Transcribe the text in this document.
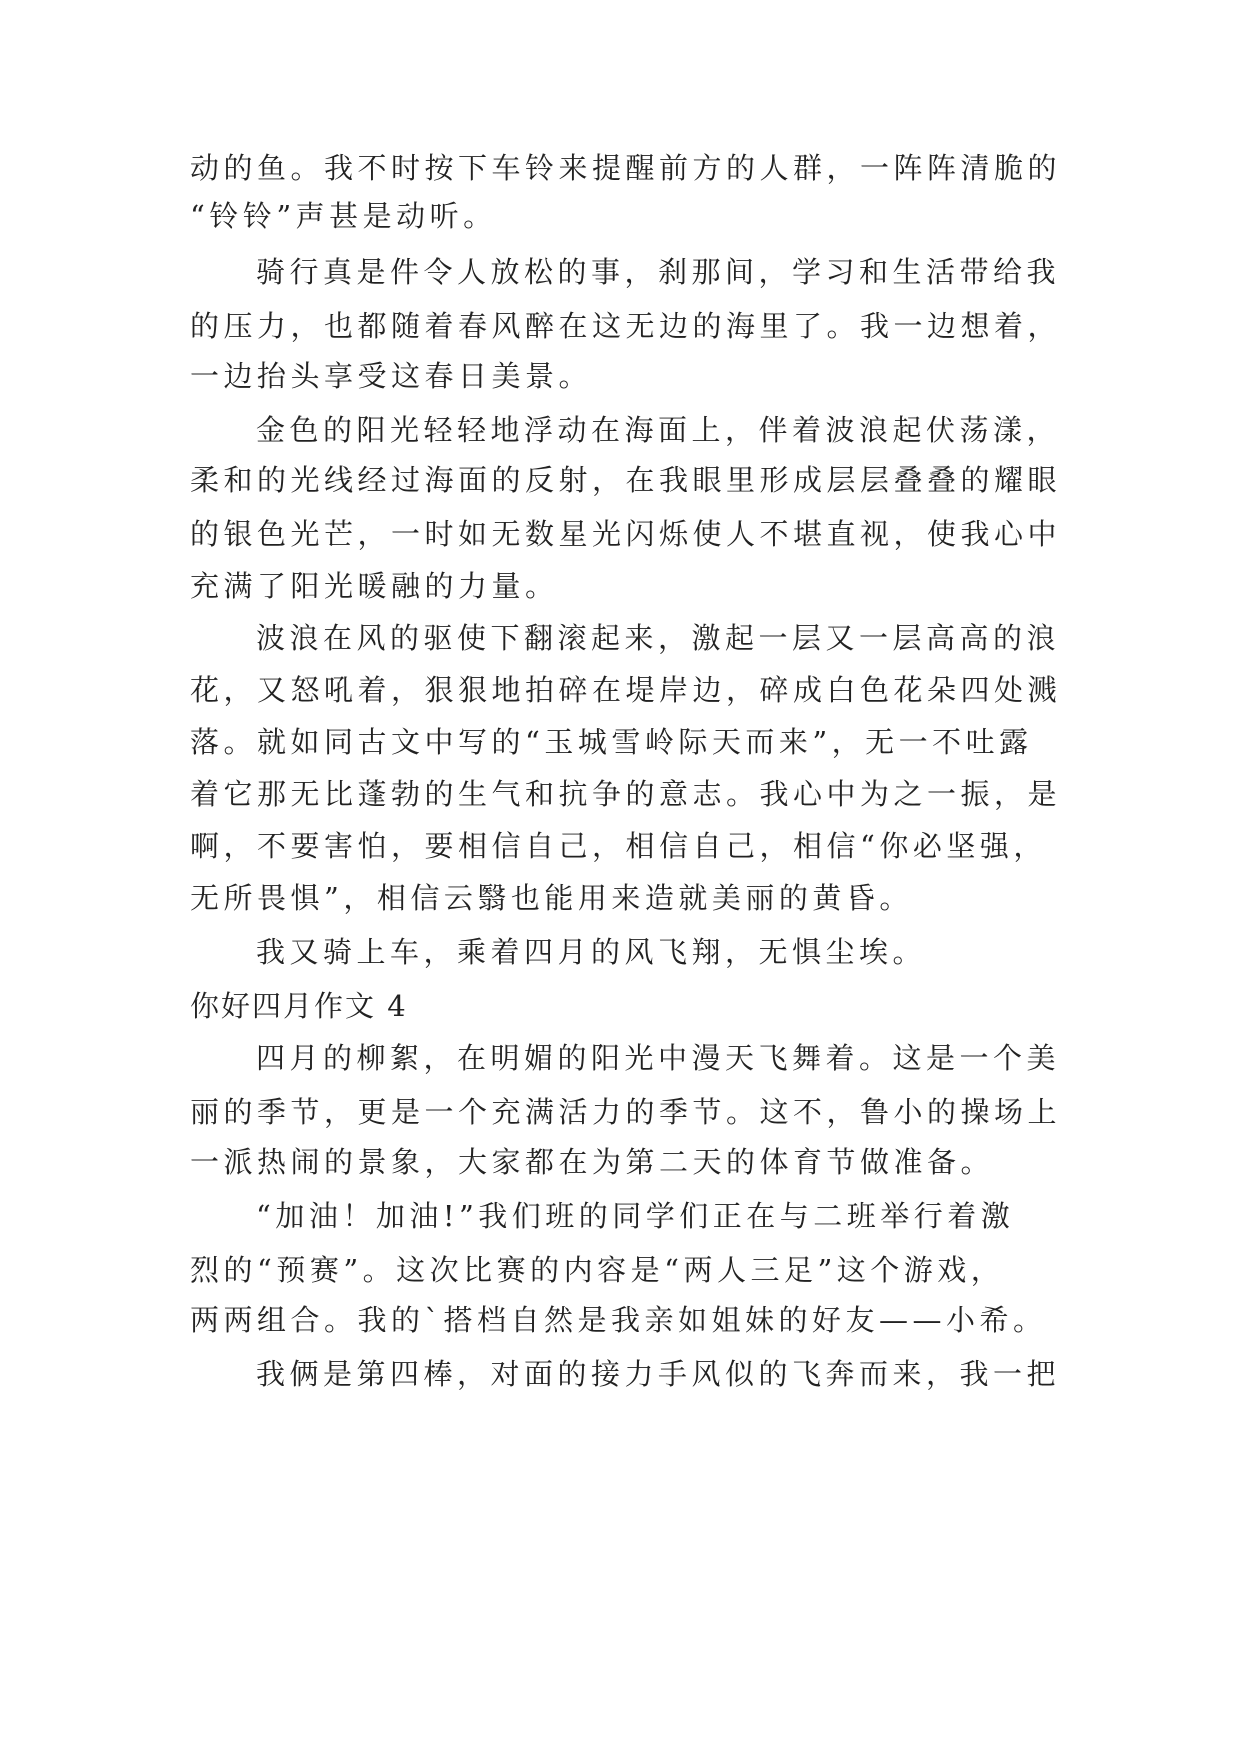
动的鱼。我不时按下车铃来提醒前方的人群，一阵阵清脆的
“铃铃”声甚是动听。
骑行真是件令人放松的事，刹那间，学习和生活带给我
的压力，也都随着春风醉在这无边的海里了。我一边想着，
一边抬头享受这春日美景。
金色的阳光轻轻地浮动在海面上，伴着波浪起伏荡漾，
柔和的光线经过海面的反射，在我眼里形成层层叠叠的耀眼
的银色光芒，一时如无数星光闪烁使人不堪直视，使我心中
充满了阳光暖融的力量。
波浪在风的驱使下翻滚起来，激起一层又一层高高的浪
花，又怒吼着，狠狠地拍碎在堤岸边，碎成白色花朵四处溅
落。就如同古文中写的“玉城雪岭际天而来”，无一不吐露
着它那无比蓬勃的生气和抗争的意志。我心中为之一振，是
啊，不要害怕，要相信自己，相信自己，相信“你必坚强，
无所畏惧”，相信云翳也能用来造就美丽的黄昏。
我又骑上车，乘着四月的风飞翔，无惧尘埃。
你好四月作文 4
四月的柳絮，在明媚的阳光中漫天飞舞着。这是一个美
丽的季节，更是一个充满活力的季节。这不，鲁小的操场上
一派热闹的景象，大家都在为第二天的体育节做准备。
“加油！加油!”我们班的同学们正在与二班举行着激
烈的“预赛”。这次比赛的内容是“两人三足”这个游戏，
两两组合。我的`搭档自然是我亲如姐妹的好友——小希。
我俩是第四棒，对面的接力手风似的飞奔而来，我一把
